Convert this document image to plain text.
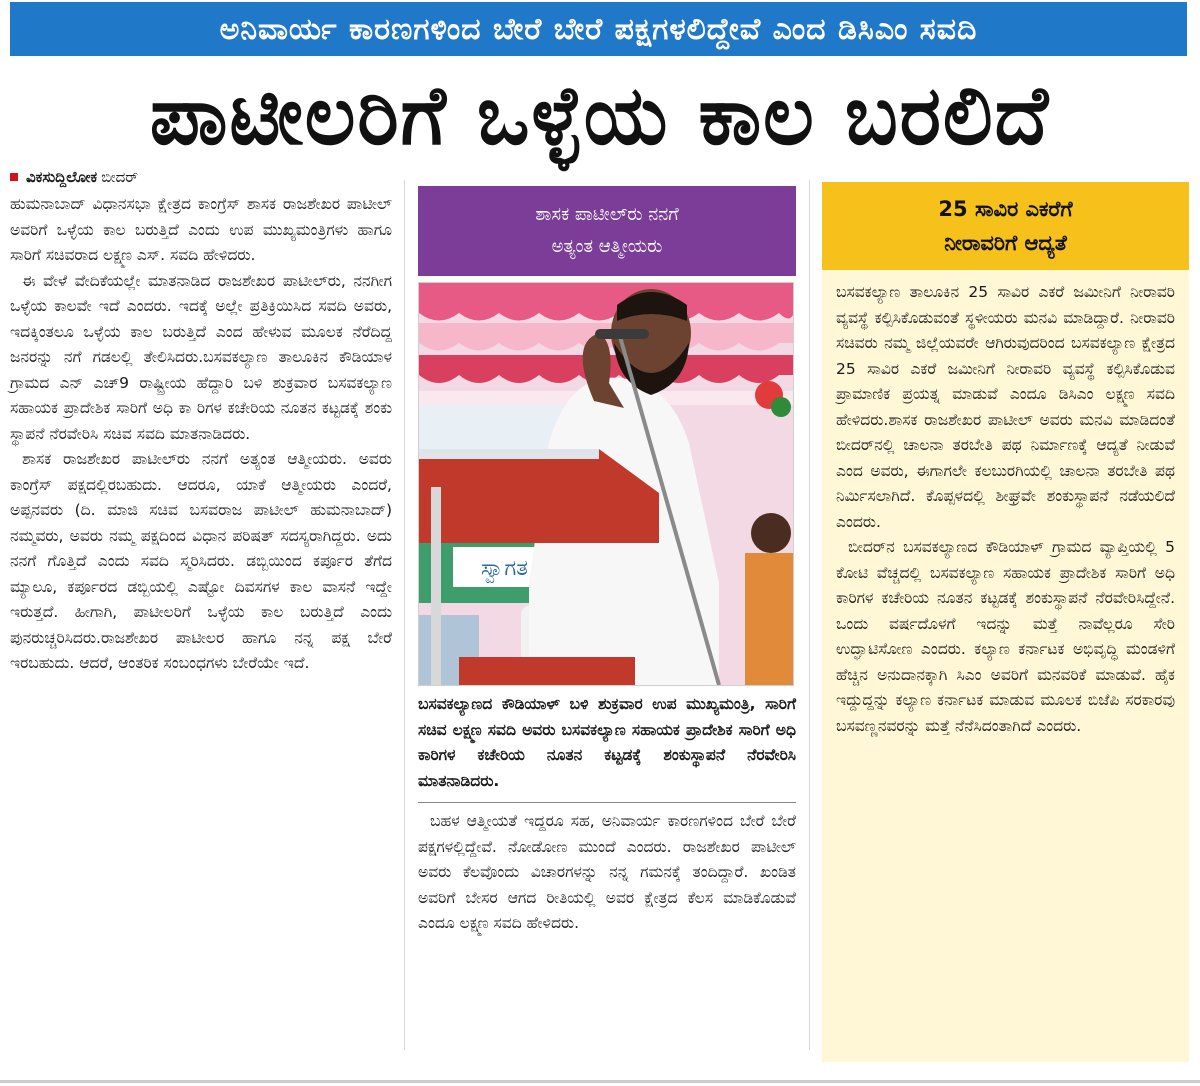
ಅನಿವಾರ್ಯ ಕಾರಣಗಳಿಂದ ಬೇರೆ ಬೇರೆ ಪಕ್ಷಗಳಲಿದ್ದೇವೆ ಎಂದ ಡಿಸಿಎಂ ಸವದಿ
ಪಾಟೀಲರಿಗೆ ಒಳ್ಳೆಯ ಕಾಲ ಬರಲಿದೆ
ವಿಕಸುದ್ದಿಲೋಕ ಬೀದರ್

ಹುಮನಾಬಾದ್ ವಿಧಾನಸಭಾ ಕ್ಷೇತ್ರದ ಕಾಂಗ್ರೆಸ್ ಶಾಸಕ ರಾಜಶೇಖರ ಪಾಟೀಲ್ ಅವರಿಗೆ ಒಳ್ಳೆಯ ಕಾಲ ಬರುತ್ತಿದೆ ಎಂದು ಉಪ ಮುಖ್ಯಮಂತ್ರಿಗಳು ಹಾಗೂ ಸಾರಿಗೆ ಸಚಿವರಾದ ಲಕ್ಷ್ಮಣ ಎಸ್. ಸವದಿ ಹೇಳಿದರು.

ಈ ವೇಳೆ ವೇದಿಕೆಯಲ್ಲೇ ಮಾತನಾಡಿದ ರಾಜಶೇಖರ ಪಾಟೀಲ್‌ರು, ನನಗೀಗ ಒಳ್ಳೆಯ ಕಾಲವೇ ಇದೆ ಎಂದರು. ಇದಕ್ಕೆ ಅಲ್ಲೇ ಪ್ರತಿಕ್ರಿಯಿಸಿದ ಸವದಿ ಅವರು, ಇದಕ್ಕಿಂತಲೂ ಒಳ್ಳೆಯ ಕಾಲ ಬರುತ್ತಿದೆ ಎಂದ ಹೇಳುವ ಮೂಲಕ ನೆರೆದಿದ್ದ ಜನರನ್ನು ನಗೆ ಗಡಲಲ್ಲಿ ತೇಲಿಸಿದರು.ಬಸವಕಲ್ಯಾಣ ತಾಲೂಕಿನ ಕೌಡಿಯಾಳ ಗ್ರಾಮದ ಎನ್ ಎಚ್9 ರಾಷ್ಟ್ರೀಯ ಹೆದ್ದಾರಿ ಬಳಿ ಶುಕ್ರವಾರ ಬಸವಕಲ್ಯಾಣ ಸಹಾಯಕ ಪ್ರಾದೇಶಿಕ ಸಾರಿಗೆ ಅಧಿ ಕಾ ರಿಗಳ ಕಚೇರಿಯ ನೂತನ ಕಟ್ಟಡಕ್ಕೆ ಶಂಕು ಸ್ಥಾಪನೆ ನೆರವೇರಿಸಿ ಸಚಿವ ಸವದಿ ಮಾತನಾಡಿದರು.

ಶಾಸಕ ರಾಜಶೇಖರ ಪಾಟೀಲ್‌ರು ನನಗೆ ಅತ್ಯಂತ ಆತ್ಮೀಯರು. ಅವರು ಕಾಂಗ್ರೆಸ್ ಪಕ್ಷದಲ್ಲಿರಬಹುದು. ಆದರೂ, ಯಾಕೆ ಆತ್ಮೀಯರು ಎಂದರೆ, ಅಪ್ಪನವರು (ದಿ. ಮಾಜಿ ಸಚಿವ ಬಸವರಾಜ ಪಾಟೀಲ್ ಹುಮನಾಬಾದ್) ನಮ್ಮವರು, ಅವರು ನಮ್ಮ ಪಕ್ಷದಿಂದ ವಿಧಾನ ಪರಿಷತ್ ಸದಸ್ಯರಾಗಿದ್ದರು. ಅದು ನನಗೆ ಗೊತ್ತಿದೆ ಎಂದು ಸವದಿ ಸ್ಮರಿಸಿದರು. ಡಬ್ಬಿಯಿಂದ ಕರ್ಪೂರ ತೆಗೆದ ಮ್ಯಾಲೂ, ಕರ್ಪೂರದ ಡಬ್ಬಿಯಲ್ಲಿ ಎಷ್ಟೋ ದಿವಸಗಳ ಕಾಲ ವಾಸನೆ ಇದ್ದೇ ಇರುತ್ತದೆ. ಹೀಗಾಗಿ, ಪಾಟೀಲರಿಗೆ ಒಳ್ಳೆಯ ಕಾಲ ಬರುತ್ತಿದೆ ಎಂದು ಪುನರುಚ್ಚರಿಸಿದರು.ರಾಜಶೇಖರ ಪಾಟೀಲರ ಹಾಗೂ ನನ್ನ ಪಕ್ಷ ಬೇರೆ ಇರಬಹುದು. ಆದರೆ, ಆಂತರಿಕ ಸಂಬಂಧಗಳು ಬೇರೆಯೇ ಇದೆ.

ಶಾಸಕ ಪಾಟೀಲ್‌ರು ನನಗೆ
ಅತ್ಯಂತ ಆತ್ಮೀಯರು
ಸ್ವಾಗತ

ಬಸವಕಲ್ಯಾಣದ ಕೌಡಿಯಾಳ್ ಬಳಿ ಶುಕ್ರವಾರ ಉಪ ಮುಖ್ಯಮಂತ್ರಿ, ಸಾರಿಗೆ ಸಚಿವ ಲಕ್ಷ್ಮಣ ಸವದಿ ಅವರು ಬಸವಕಲ್ಯಾಣ ಸಹಾಯಕ ಪ್ರಾದೇಶಿಕ ಸಾರಿಗೆ ಅಧಿ ಕಾರಿಗಳ ಕಚೇರಿಯ ನೂತನ ಕಟ್ಟಡಕ್ಕೆ ಶಂಕುಸ್ಥಾಪನೆ ನೆರವೇರಿಸಿ ಮಾತನಾಡಿದರು.

ಬಹಳ ಆತ್ಮೀಯತೆ ಇದ್ದರೂ ಸಹ, ಅನಿವಾರ್ಯ ಕಾರಣಗಳಿಂದ ಬೇರೆ ಬೇರೆ ಪಕ್ಷಗಳಲ್ಲಿದ್ದೇವೆ. ನೋಡೋಣ ಮುಂದೆ ಎಂದರು. ರಾಜಶೇಖರ ಪಾಟೀಲ್ ಅವರು ಕೆಲವೊಂದು ವಿಚಾರಗಳನ್ನು ನನ್ನ ಗಮನಕ್ಕೆ ತಂದಿದ್ದಾರೆ. ಖಂಡಿತ ಅವರಿಗೆ ಬೇಸರ ಆಗದ ರೀತಿಯಲ್ಲಿ ಅವರ ಕ್ಷೇತ್ರದ ಕೆಲಸ ಮಾಡಿಕೊಡುವೆ ಎಂದೂ ಲಕ್ಷ್ಮಣ ಸವದಿ ಹೇಳಿದರು.

25 ಸಾವಿರ ಎಕರೆಗೆ
ನೀರಾವರಿಗೆ ಆದ್ಯತೆ

ಬಸವಕಲ್ಯಾಣ ತಾಲೂಕಿನ 25 ಸಾವಿರ ಎಕರೆ ಜಮೀನಿಗೆ ನೀರಾವರಿ ವ್ಯವಸ್ಥೆ ಕಲ್ಪಿಸಿಕೊಡುವಂತೆ ಸ್ಥಳೀಯರು ಮನವಿ ಮಾಡಿದ್ದಾರೆ. ನೀರಾವರಿ ಸಚಿವರು ನಮ್ಮ ಜಿಲ್ಲೆಯವರೇ ಆಗಿರುವುದರಿಂದ ಬಸವಕಲ್ಯಾಣ ಕ್ಷೇತ್ರದ 25 ಸಾವಿರ ಎಕರೆ ಜಮೀನಿಗೆ ನೀರಾವರಿ ವ್ಯವಸ್ಥೆ ಕಲ್ಪಿಸಿಕೊಡುವ ಪ್ರಾಮಾಣಿಕ ಪ್ರಯತ್ನ ಮಾಡುವೆ ಎಂದೂ ಡಿಸಿಎಂ ಲಕ್ಷ್ಮಣ ಸವದಿ ಹೇಳಿದರು.ಶಾಸಕ ರಾಜಶೇಖರ ಪಾಟೀಲ್ ಅವರು ಮನವಿ ಮಾಡಿದಂತೆ ಬೀದರ್‌ನಲ್ಲಿ ಚಾಲನಾ ತರಬೇತಿ ಪಥ ನಿರ್ಮಾಣಕ್ಕೆ ಆದ್ಯತೆ ನೀಡುವೆ ಎಂದ ಅವರು, ಈಗಾಗಲೇ ಕಲಬುರಗಿಯಲ್ಲಿ ಚಾಲನಾ ತರಬೇತಿ ಪಥ ನಿರ್ಮಿಸಲಾಗಿದೆ. ಕೊಪ್ಪಳದಲ್ಲಿ ಶೀಘ್ರವೇ ಶಂಕುಸ್ಥಾಪನೆ ನಡೆಯಲಿದೆ ಎಂದರು.

ಬೀದರ್‌ನ ಬಸವಕಲ್ಯಾಣದ ಕೌಡಿಯಾಳ್ ಗ್ರಾಮದ ವ್ಯಾಪ್ತಿಯಲ್ಲಿ 5 ಕೋಟಿ ವೆಚ್ಚದಲ್ಲಿ ಬಸವಕಲ್ಯಾಣ ಸಹಾಯಕ ಪ್ರಾದೇಶಿಕ ಸಾರಿಗೆ ಅಧಿ ಕಾರಿಗಳ ಕಚೇರಿಯ ನೂತನ ಕಟ್ಟಡಕ್ಕೆ ಶಂಕುಸ್ಥಾಪನೆ ನೆರವೇರಿಸಿದ್ದೇನೆ. ಒಂದು ವರ್ಷದೊಳಗೆ ಇದನ್ನು ಮತ್ತೆ ನಾವೆಲ್ಲರೂ ಸೇರಿ ಉದ್ಘಾಟಿಸೋಣ ಎಂದರು. ಕಲ್ಯಾಣ ಕರ್ನಾಟಕ ಅಭಿವೃದ್ಧಿ ಮಂಡಳಿಗೆ ಹೆಚ್ಚಿನ ಅನುದಾನಕ್ಕಾಗಿ ಸಿಎಂ ಅವರಿಗೆ ಮನವರಿಕೆ ಮಾಡುವೆ. ಹೈಕ ಇದ್ದುದ್ದನ್ನು ಕಲ್ಯಾಣ ಕರ್ನಾಟಕ ಮಾಡುವ ಮೂಲಕ ಬಿಜೆಪಿ ಸರಕಾರವು ಬಸವಣ್ಣನವರನ್ನು ಮತ್ತೆ ನೆನೆಸಿದಂತಾಗಿದೆ ಎಂದರು.
